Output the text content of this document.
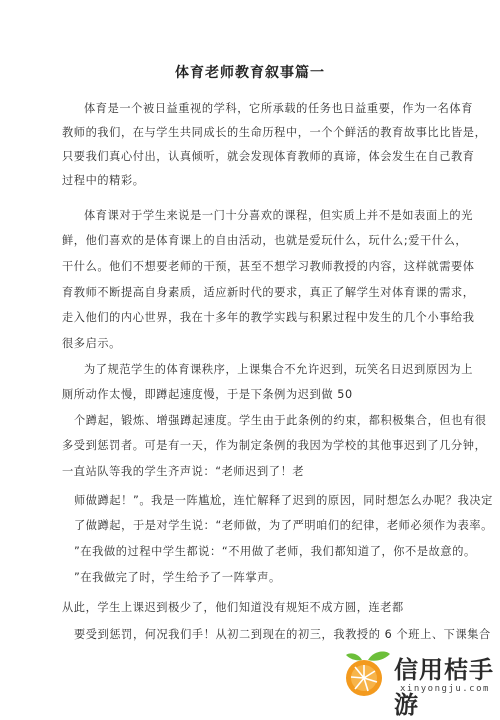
体育老师教育叙事篇一
体育是一个被日益重视的学科，它所承载的任务也日益重要，作为一名体育
教师的我们，在与学生共同成长的生命历程中，一个个鲜活的教育故事比比皆是，
只要我们真心付出，认真倾听，就会发现体育教师的真谛，体会发生在自己教育
过程中的精彩。
体育课对于学生来说是一门十分喜欢的课程，但实质上并不是如表面上的光
鲜，他们喜欢的是体育课上的自由活动，也就是爱玩什么，玩什么;爱干什么，
干什么。他们不想要老师的干预，甚至不想学习教师教授的内容，这样就需要体
育教师不断提高自身素质，适应新时代的要求，真正了解学生对体育课的需求，
走入他们的内心世界，我在十多年的教学实践与积累过程中发生的几个小事给我
很多启示。
为了规范学生的体育课秩序，上课集合不允许迟到，玩笑名日迟到原因为上
厕所动作太慢，即蹲起速度慢，于是下条例为迟到做 50
个蹲起，锻炼、增强蹲起速度。学生由于此条例的约束，都积极集合，但也有很
多受到惩罚者。可是有一天，作为制定条例的我因为学校的其他事迟到了几分钟，
一直站队等我的学生齐声说：“老师迟到了！老
师做蹲起！”。我是一阵尴尬，连忙解释了迟到的原因，同时想怎么办呢？我决定
了做蹲起，于是对学生说：“老师做，为了严明咱们的纪律，老师必须作为表率。
”在我做的过程中学生都说：“不用做了老师，我们都知道了，你不是故意的。
”在我做完了时，学生给予了一阵掌声。
从此，学生上课迟到极少了，他们知道没有规矩不成方圆，连老都
要受到惩罚，何况我们手！从初二到现在的初三，我教授的 6 个班上、下课集合
信用桔手游
xinyongju.com
